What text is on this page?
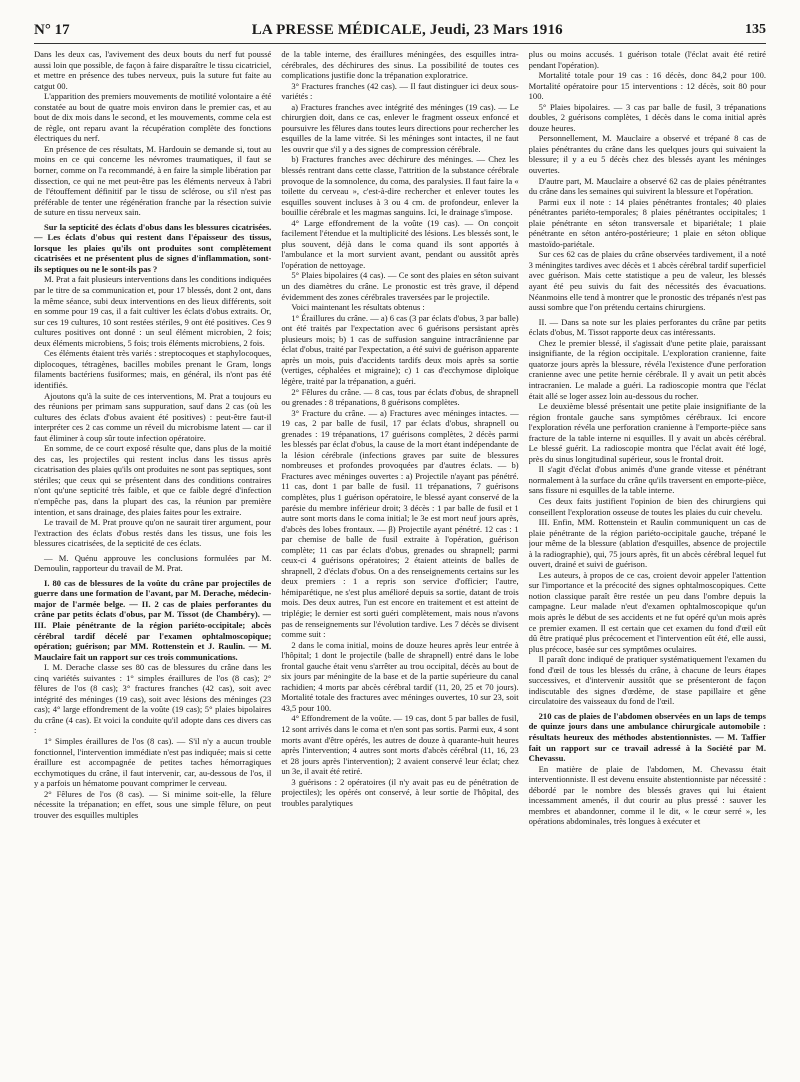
N° 17	LA PRESSE MÉDICALE, Jeudi, 23 Mars 1916	135

Dans les deux cas, l'avivement des deux bouts du nerf fut poussé aussi loin que possible, de façon à faire disparaître le tissu cicatriciel, et mettre en présence des tubes nerveux, puis la suture fut faite au catgut 00.

L'apparition des premiers mouvements de motilité volontaire a été constatée au bout de quatre mois environ dans le premier cas, et au bout de dix mois dans le second, et les mouvements, comme cela est de règle, ont reparu avant la récupération complète des fonctions électriques du nerf.

En présence de ces résultats, M. Hardouin se demande si, tout au moins en ce qui concerne les névromes traumatiques, il faut se borner, comme on l'a recommandé, à en faire la simple libération par dissection, ce qui ne met peut-être pas les éléments nerveux à l'abri de l'étouffement définitif par le tissu de sclérose, ou s'il n'est pas préférable de tenter une régénération franche par la résection suivie de suture en tissu nerveux sain.

Sur la septicité des éclats d'obus dans les blessures cicatrisées. — Les éclats d'obus qui restent dans l'épaisseur des tissus, lorsque les plaies qu'ils ont produites sont complètement cicatrisées et ne présentent plus de signes d'inflammation, sont-ils septiques ou ne le sont-ils pas ?

M. Prat a fait plusieurs interventions dans les conditions indiquées par le titre de sa communication et, pour 17 blessés, dont 2 ont, dans la même séance, subi deux interventions en des lieux différents, soit en somme pour 19 cas, il a fait cultiver les éclats d'obus extraits. Or, sur ces 19 cultures, 10 sont restées stériles, 9 ont été positives. Ces 9 cultures positives ont donné : un seul élément microbien, 2 fois; deux éléments microbiens, 5 fois; trois éléments microbiens, 2 fois.

Ces éléments étaient très variés : streptocoques et staphylocoques, diplocoques, tétragènes, bacilles mobiles prenant le Gram, longs filaments bactériens fusiformes; mais, en général, ils n'ont pas été identifiés.

Ajoutons qu'à la suite de ces interventions, M. Prat a toujours eu des réunions per primam sans suppuration, sauf dans 2 cas (où les cultures des éclats d'obus avaient été positives) : peut-être faut-il interpréter ces 2 cas comme un réveil du microbisme latent — car il faut éliminer à coup sûr toute infection opératoire.

En somme, de ce court exposé résulte que, dans plus de la moitié des cas, les projectiles qui restent inclus dans les tissus après cicatrisation des plaies qu'ils ont produites ne sont pas septiques, sont stériles; que ceux qui se présentent dans des conditions contraires n'ont qu'une septicité très faible, et que ce faible degré d'infection n'empêche pas, dans la plupart des cas, la réunion par première intention, et sans drainage, des plaies faites pour les extraire.

Le travail de M. Prat prouve qu'on ne saurait tirer argument, pour l'extraction des éclats d'obus restés dans les tissus, une fois les blessures cicatrisées, de la septicité de ces éclats.

— M. Quénu approuve les conclusions formulées par M. Demoulin, rapporteur du travail de M. Prat.

I. 80 cas de blessures de la voûte du crâne par projectiles de guerre dans une formation de l'avant, par M. Derache, médecin-major de l'armée belge. — II. 2 cas de plaies perforantes du crâne par petits éclats d'obus, par M. Tissot (de Chambéry). — III. Plaie pénétrante de la région pariéto-occipitale; abcès cérébral tardif décelé par l'examen ophtalmoscopique; opération; guérison; par MM. Rottenstein et J. Raulin. — M. Mauclaire fait un rapport sur ces trois communications.

I. M. Derache classe ses 80 cas de blessures du crâne dans les cinq variétés suivantes : 1° simples éraillures de l'os (8 cas); 2° fêlures de l'os (8 cas); 3° fractures franches (42 cas), soit avec intégrité des méninges (19 cas), soit avec lésions des méninges (23 cas); 4° large effondrement de la voûte (19 cas); 5° plaies bipolaires du crâne (4 cas). Et voici la conduite qu'il adopte dans ces divers cas :

1° Simples éraillures de l'os (8 cas). — S'il n'y a aucun trouble fonctionnel, l'intervention immédiate n'est pas indiquée; mais si cette éraillure est accompagnée de petites taches hémorragiques ecchymotiques du crâne, il faut intervenir, car, au-dessous de l'os, il y a parfois un hématome pouvant comprimer le cerveau.

2° Fêlures de l'os (8 cas). — Si minime soit-elle, la fêlure nécessite la trépanation; en effet, sous une simple fêlure, on peut trouver des esquilles multiples

de la table interne, des éraillures méningées, des esquilles intra-cérébrales, des déchirures des sinus. La possibilité de toutes ces complications justifie donc la trépanation exploratrice.

3° Fractures franches (42 cas). — Il faut distinguer ici deux sous-variétés :

a) Fractures franches avec intégrité des méninges (19 cas). — Le chirurgien doit, dans ce cas, enlever le fragment osseux enfoncé et poursuivre les fêlures dans toutes leurs directions pour rechercher les esquilles de la lame vitrée. Si les méninges sont intactes, il ne faut les ouvrir que s'il y a des signes de compression cérébrale.

b) Fractures franches avec déchirure des méninges. — Chez les blessés rentrant dans cette classe, l'attrition de la substance cérébrale provoque de la somnolence, du coma, des paralysies. Il faut faire la « toilette du cerveau », c'est-à-dire rechercher et enlever toutes les esquilles souvent incluses à 3 ou 4 cm. de profondeur, enlever la bouillie cérébrale et les magmas sanguins. Ici, le drainage s'impose.

4° Large effondrement de la voûte (19 cas). — On conçoit facilement l'étendue et la multiplicité des lésions. Les blessés sont, le plus souvent, déjà dans le coma quand ils sont apportés à l'ambulance et la mort survient avant, pendant ou aussitôt après l'opération de nettoyage.

5° Plaies bipolaires (4 cas). — Ce sont des plaies en séton suivant un des diamètres du crâne. Le pronostic est très grave, il dépend évidemment des zones cérébrales traversées par le projectile.

Voici maintenant les résultats obtenus :

1° Éraillures du crâne. — a) 6 cas (3 par éclats d'obus, 3 par balle) ont été traités par l'expectation avec 6 guérisons persistant après plusieurs mois; b) 1 cas de suffusion sanguine intracrânienne par éclat d'obus, traité par l'expectation, a été suivi de guérison apparente après un mois, puis d'accidents tardifs deux mois après sa sortie (vertiges, céphalées et migraine); c) 1 cas d'ecchymose diploïque légère, traité par la trépanation, a guéri.

2° Fêlures du crâne. — 8 cas, tous par éclats d'obus, de shrapnell ou grenades : 8 trépanations, 8 guérisons complètes.

3° Fracture du crâne. — a) Fractures avec méninges intactes. — 19 cas, 2 par balle de fusil, 17 par éclats d'obus, shrapnell ou grenades : 19 trépanations, 17 guérisons complètes, 2 décès parmi les blessés par éclat d'obus, la cause de la mort étant indépendante de la lésion cérébrale (infections graves par suite de blessures nombreuses et profondes provoquées par d'autres éclats. — b) Fractures avec méninges ouvertes : a) Projectile n'ayant pas pénétré. 11 cas, dont 1 par balle de fusil. 11 trépanations, 7 guérisons complètes, plus 1 guérison opératoire, le blessé ayant conservé de la parésie du membre inférieur droit; 3 décès : 1 par balle de fusil et 1 autre sont morts dans le coma initial; le 3e est mort neuf jours après, d'abcès des lobes frontaux. — β) Projectile ayant pénétré. 12 cas : 1 par chemise de balle de fusil extraite à l'opération, guérison complète; 11 cas par éclats d'obus, grenades ou shrapnell; parmi ceux-ci 4 guérisons opératoires; 2 étaient atteints de balles de shrapnell, 2 d'éclats d'obus. On a des renseignements certains sur les deux premiers : 1 a repris son service d'officier; l'autre, hémiparétique, ne s'est plus amélioré depuis sa sortie, datant de trois mois. Des deux autres, l'un est encore en traitement et est atteint de triplégie; le dernier est sorti guéri complètement, mais nous n'avons pas de renseignements sur l'évolution tardive. Les 7 décès se divisent comme suit :

2 dans le coma initial, moins de douze heures après leur entrée à l'hôpital; 1 dont le projectile (balle de shrapnell) entré dans le lobe frontal gauche était venu s'arrêter au trou occipital, décès au bout de six jours par méningite de la base et de la partie supérieure du canal rachidien; 4 morts par abcès cérébral tardif (11, 20, 25 et 70 jours). Mortalité totale des fractures avec méninges ouvertes, 10 sur 23, soit 43,5 pour 100.

4° Effondrement de la voûte. — 19 cas, dont 5 par balles de fusil, 12 sont arrivés dans le coma et n'en sont pas sortis. Parmi eux, 4 sont morts avant d'être opérés, les autres de douze à quarante-huit heures après l'intervention; 4 autres sont morts d'abcès cérébral (11, 16, 23 et 28 jours après l'intervention); 2 avaient conservé leur éclat; chez un 3e, il avait été retiré.

3 guérisons : 2 opératoires (il n'y avait pas eu de pénétration de projectiles); les opérés ont conservé, à leur sortie de l'hôpital, des troubles paralytiques

plus ou moins accusés. 1 guérison totale (l'éclat avait été retiré pendant l'opération).

Mortalité totale pour 19 cas : 16 décès, donc 84,2 pour 100. Mortalité opératoire pour 15 interventions : 12 décès, soit 80 pour 100.

5° Plaies bipolaires. — 3 cas par balle de fusil, 3 trépanations doubles, 2 guérisons complètes, 1 décès dans le coma initial après douze heures.

Personnellement, M. Mauclaire a observé et trépané 8 cas de plaies pénétrantes du crâne dans les quelques jours qui suivaient la blessure; il y a eu 5 décès chez des blessés ayant les méninges ouvertes.

D'autre part, M. Mauclaire a observé 62 cas de plaies pénétrantes du crâne dans les semaines qui suivirent la blessure et l'opération.

Parmi eux il note : 14 plaies pénétrantes frontales; 40 plaies pénétrantes pariéto-temporales; 8 plaies pénétrantes occipitales; 1 plaie pénétrante en séton transversale et bipariétale; 1 plaie pénétrante en séton antéro-postérieure; 1 plaie en séton oblique mastoïdo-pariétale.

Sur ces 62 cas de plaies du crâne observées tardivement, il a noté 3 méningites tardives avec décès et 1 abcès cérébral tardif superficiel avec guérison. Mais cette statistique a peu de valeur, les blessés ayant été peu suivis du fait des nécessités des évacuations. Néanmoins elle tend à montrer que le pronostic des trépanés n'est pas aussi sombre que l'on prétendu certains chirurgiens.

II. — Dans sa note sur les plaies perforantes du crâne par petits éclats d'obus, M. Tissot rapporte deux cas intéressants.

Chez le premier blessé, il s'agissait d'une petite plaie, paraissant insignifiante, de la région occipitale. L'exploration cranienne, faite quatorze jours après la blessure, révéla l'existence d'une perforation cranienne avec une petite hernie cérébrale. Il y avait un petit abcès intracranien. Le malade a guéri. La radioscopie montra que l'éclat était allé se loger assez loin au-dessous du rocher.

Le deuxième blessé présentait une petite plaie insignifiante de la région frontale gauche sans symptômes cérébraux. Ici encore l'exploration révéla une perforation cranienne à l'emporte-pièce sans fracture de la table interne ni esquilles. Il y avait un abcès cérébral. Le blessé guérit. La radioscopie montra que l'éclat avait été logé, près du sinus longitudinal supérieur, sous le frontal droit.

Il s'agit d'éclat d'obus animés d'une grande vitesse et pénétrant normalement à la surface du crâne qu'ils traversent en emporte-pièce, sans fissure ni esquilles de la table interne.

Ces deux faits justifient l'opinion de bien des chirurgiens qui conseillent l'exploration osseuse de toutes les plaies du cuir chevelu.

III. Enfin, MM. Rottenstein et Raulin communiquent un cas de plaie pénétrante de la région pariéto-occipitale gauche, trépané le jour même de la blessure (ablation d'esquilles, absence de projectile à la radiographie), qui, 75 jours après, fit un abcès cérébral lequel fut ouvert, drainé et suivi de guérison.

Les auteurs, à propos de ce cas, croient devoir appeler l'attention sur l'importance et la précocité des signes ophtalmoscopiques. Cette notion classique paraît être restée un peu dans l'ombre depuis la campagne. Leur malade n'eut d'examen ophtalmoscopique qu'un mois après le début de ses accidents et ne fut opéré qu'un mois après ce premier examen. Il est certain que cet examen du fond d'œil eût dû être pratiqué plus précocement et l'intervention eût été, elle aussi, plus précoce, basée sur ces symptômes oculaires.

Il paraît donc indiqué de pratiquer systématiquement l'examen du fond d'œil de tous les blessés du crâne, à chacune de leurs étapes successives, et d'intervenir aussitôt que se présenteront de façon indiscutable des signes d'œdème, de stase papillaire et gêne circulatoire des vaisseaux du fond de l'œil.

210 cas de plaies de l'abdomen observées en un laps de temps de quinze jours dans une ambulance chirurgicale automobile : résultats heureux des méthodes abstentionnistes. — M. Taffier fait un rapport sur ce travail adressé à la Société par M. Chevassu.

En matière de plaie de l'abdomen, M. Chevassu était interventionniste. Il est devenu ensuite abstentionniste par nécessité : débordé par le nombre des blessés graves qui lui étaient incessamment amenés, il dut courir au plus pressé : sauver les membres et abandonner, comme il le dit, « le cœur serré », les opérations abdominales, très longues à exécuter et
